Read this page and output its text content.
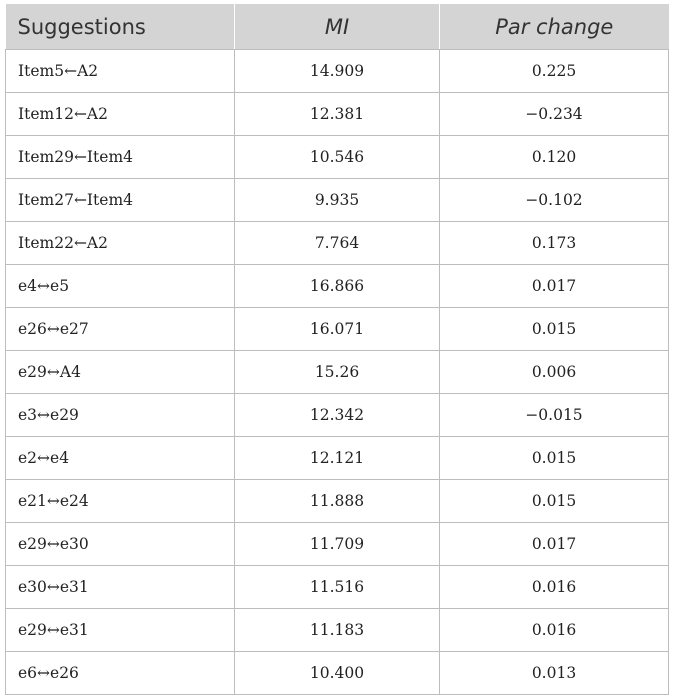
Suggestions	MI	Par change
Item5←A2	14.909	0.225
Item12←A2	12.381	−0.234
Item29←Item4	10.546	0.120
Item27←Item4	9.935	−0.102
Item22←A2	7.764	0.173
e4↔e5	16.866	0.017
e26↔e27	16.071	0.015
e29↔A4	15.26	0.006
e3↔e29	12.342	−0.015
e2↔e4	12.121	0.015
e21↔e24	11.888	0.015
e29↔e30	11.709	0.017
e30↔e31	11.516	0.016
e29↔e31	11.183	0.016
e6↔e26	10.400	0.013
